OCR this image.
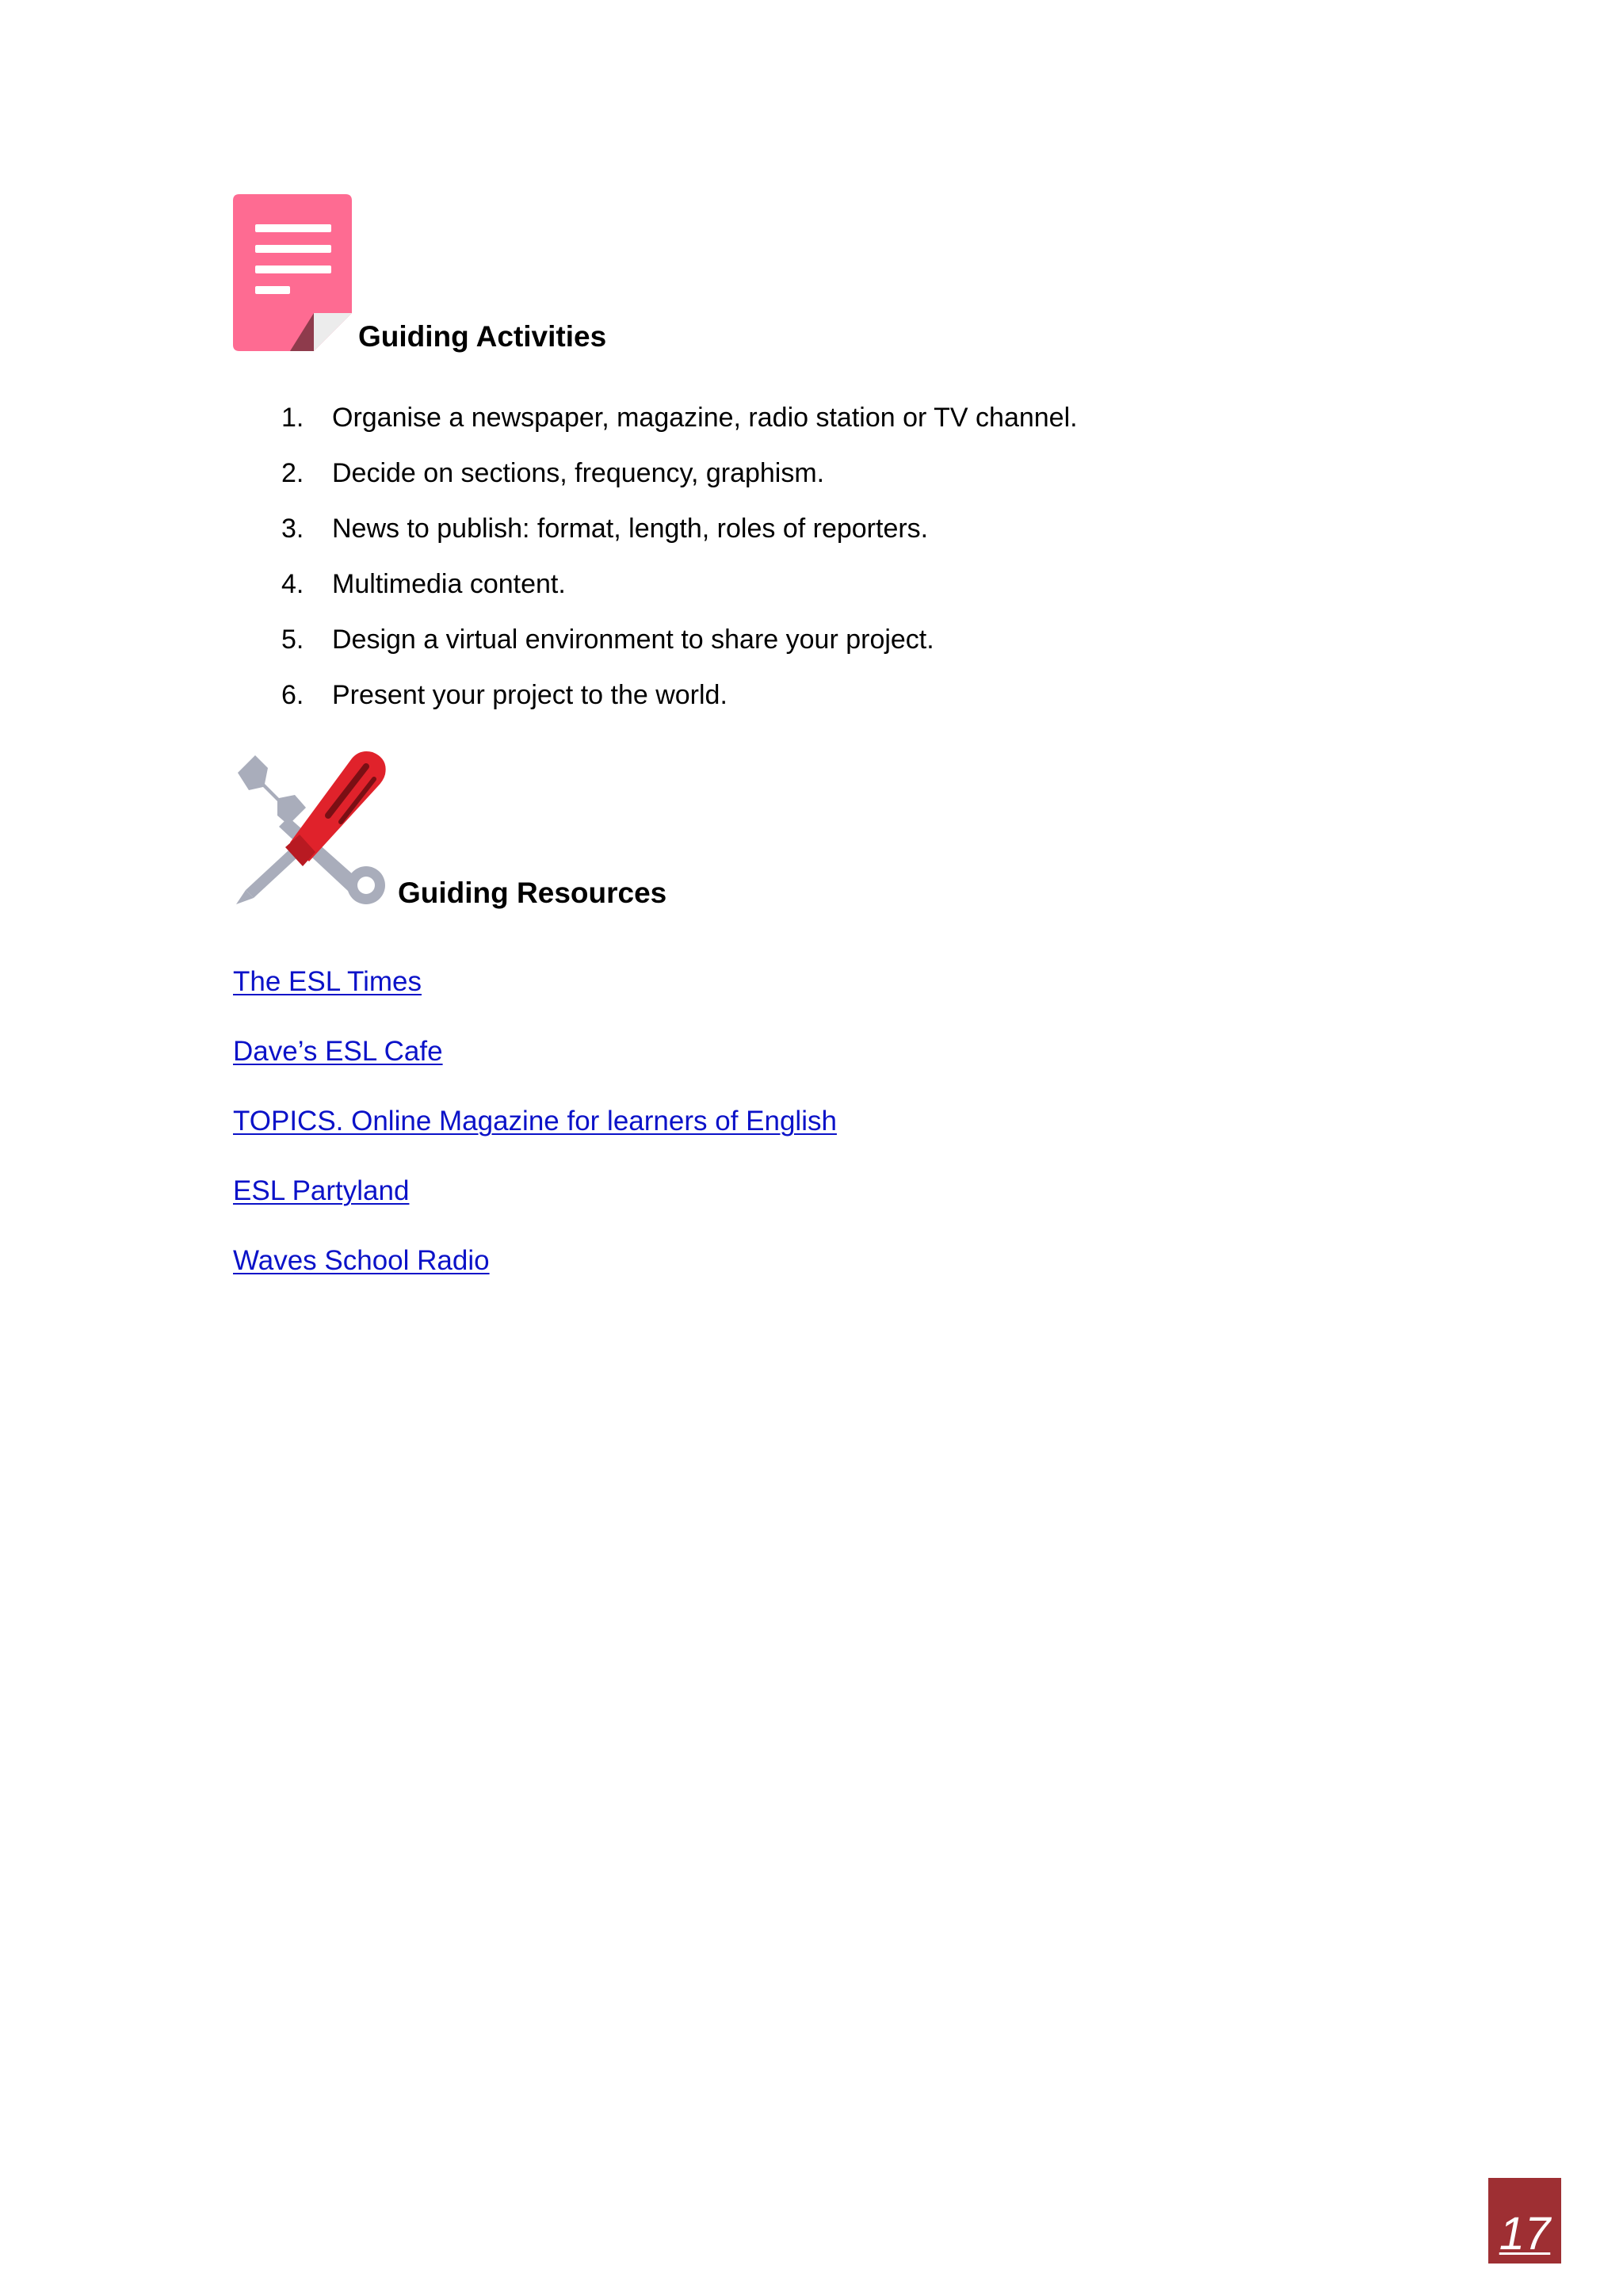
Guiding Activities
1.	Organise a newspaper, magazine, radio station or TV channel.
2.	Decide on sections, frequency, graphism.
3.	News to publish: format, length, roles of reporters.
4.	Multimedia content.
5.	Design a virtual environment to share your project.
6.	Present your project to the world.
Guiding Resources
The ESL Times
Dave’s ESL Cafe
TOPICS. Online Magazine for learners of English
ESL Partyland
Waves School Radio
17
